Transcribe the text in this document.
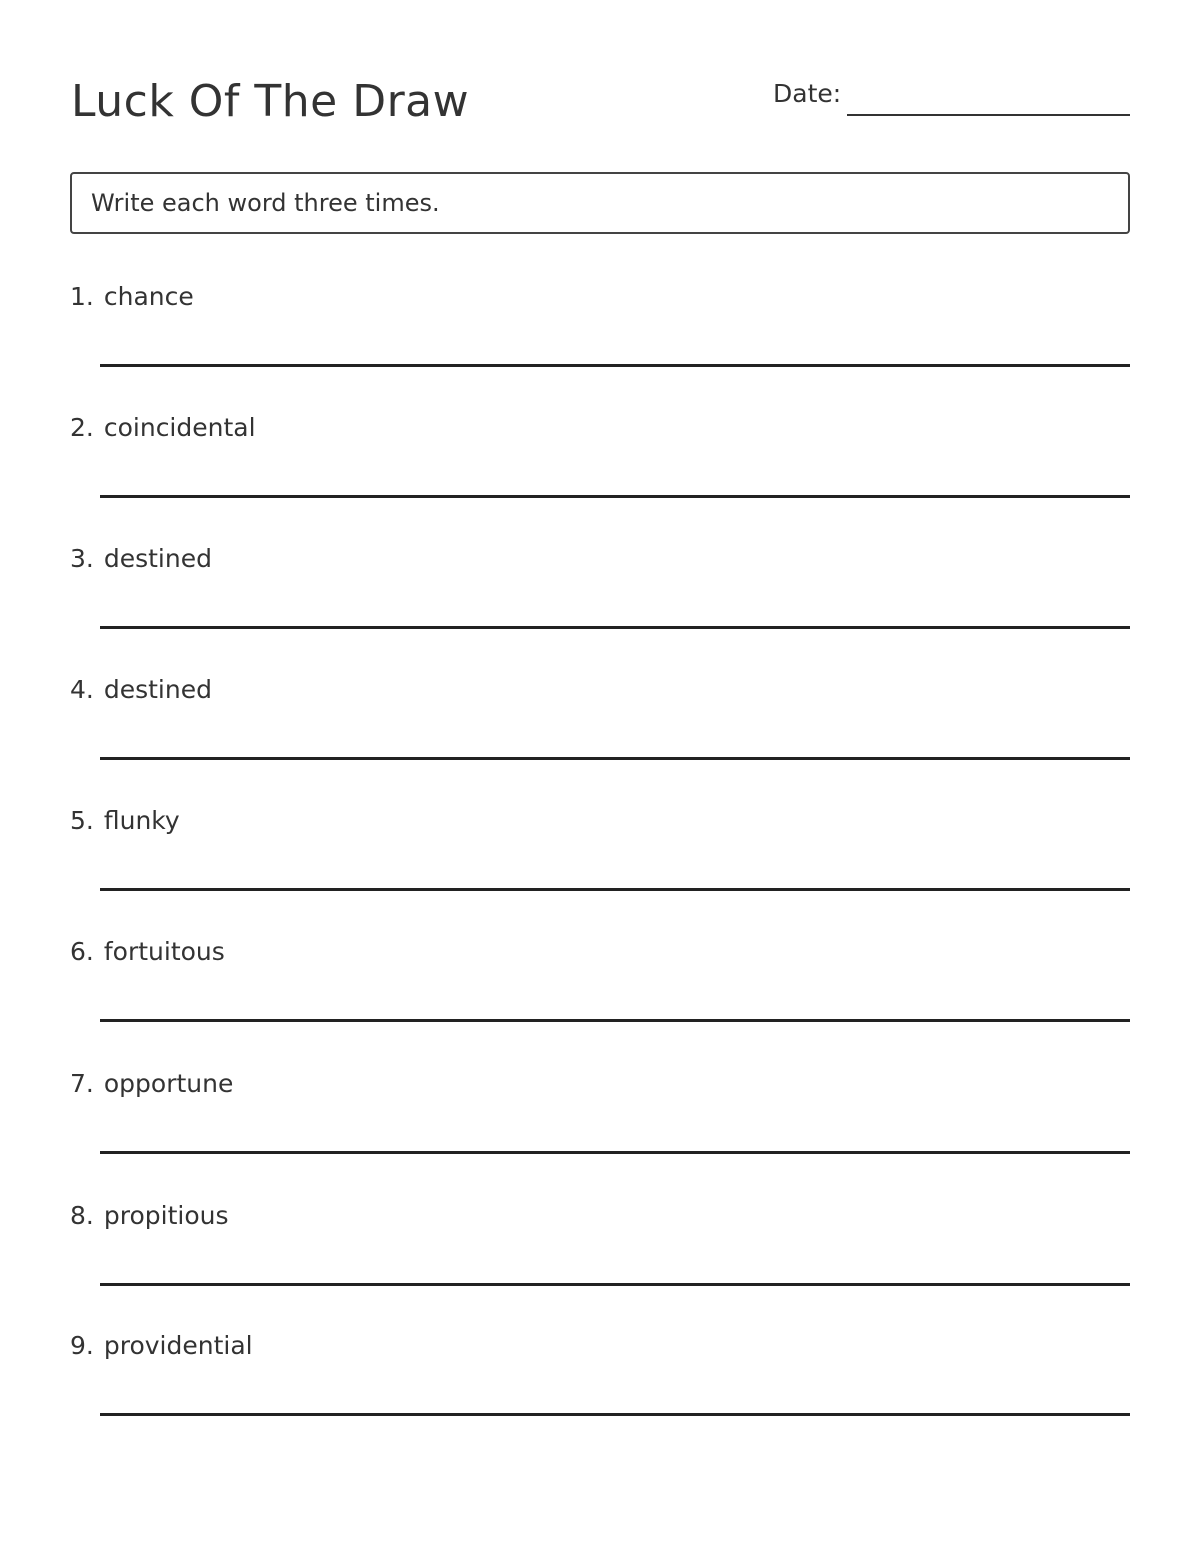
Luck Of The Draw	Date:
Write each word three times.
1. chance
2. coincidental
3. destined
4. destined
5. flunky
6. fortuitous
7. opportune
8. propitious
9. providential
